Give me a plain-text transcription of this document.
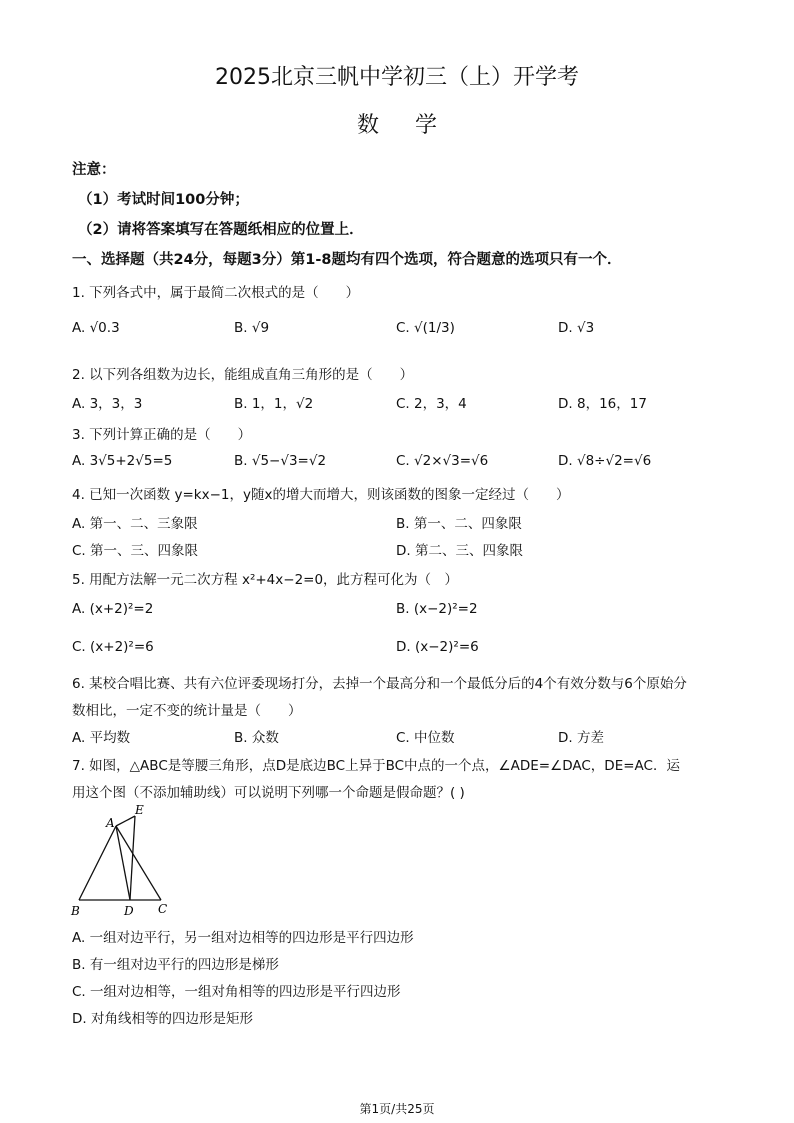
2025北京三帆中学初三（上）开学考
数学
注意：
（1）考试时间100分钟；
（2）请将答案填写在答题纸相应的位置上．
一、选择题（共24分，每题3分）第1-8题均有四个选项，符合题意的选项只有一个．
1. 下列各式中，属于最简二次根式的是（　　）
A. √0.3	B. √9	C. √(1/3)	D. √3
2. 以下列各组数为边长，能组成直角三角形的是（　　）
A. 3，3，3	B. 1，1，√2	C. 2，3，4	D. 8，16，17
3. 下列计算正确的是（　　）
A. 3√5+2√5=5	B. √5−√3=√2	C. √2×√3=√6	D. √8÷√2=√6
4. 已知一次函数 y=kx−1，y随x的增大而增大，则该函数的图象一定经过（　　）
A. 第一、二、三象限	B. 第一、二、四象限
C. 第一、三、四象限	D. 第二、三、四象限
5. 用配方法解一元二次方程 x²+4x−2=0，此方程可化为（　）
A. (x+2)²=2	B. (x−2)²=2
C. (x+2)²=6	D. (x−2)²=6
6. 某校合唱比赛、共有六位评委现场打分，去掉一个最高分和一个最低分后的4个有效分数与6个原始分
数相比，一定不变的统计量是（　　）
A. 平均数	B. 众数	C. 中位数	D. 方差
7. 如图，△ABC是等腰三角形，点D是底边BC上异于BC中点的一个点，∠ADE=∠DAC，DE=AC．运
用这个图（不添加辅助线）可以说明下列哪一个命题是假命题？( )
A
E
B	D C
A. 一组对边平行，另一组对边相等的四边形是平行四边形
B. 有一组对边平行的四边形是梯形
C. 一组对边相等，一组对角相等的四边形是平行四边形
D. 对角线相等的四边形是矩形
第1页/共25页
